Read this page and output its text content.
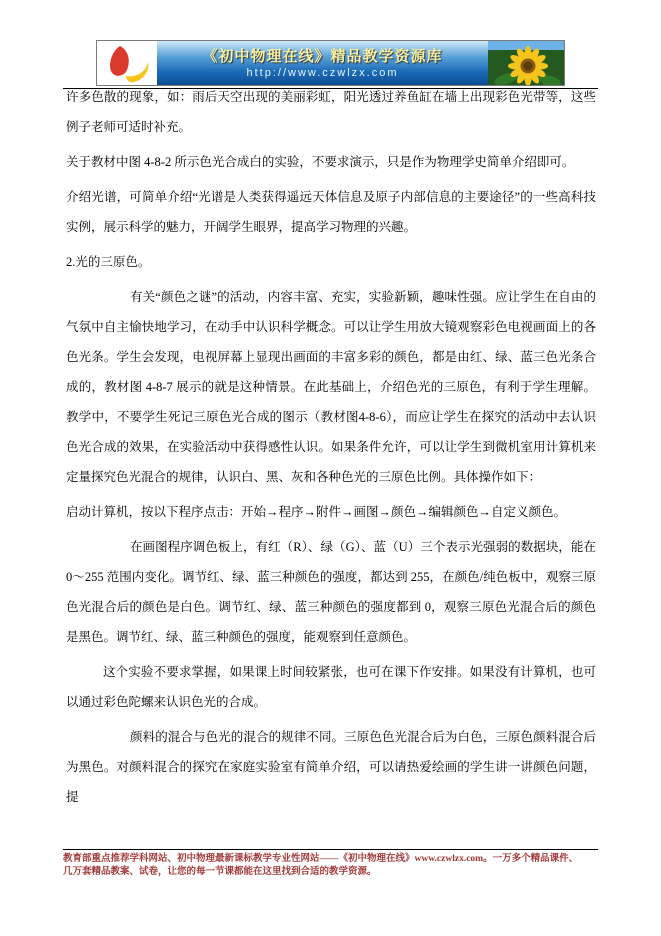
《初中物理在线》精品教学资源库
http://www.czwlzx.com

许多色散的现象，如：雨后天空出现的美丽彩虹，阳光透过养鱼缸在墙上出现彩色光带等，这些例子老师可适时补充。

关于教材中图 4-8-2 所示色光合成白的实验，不要求演示，只是作为物理学史简单介绍即可。

介绍光谱，可简单介绍“光谱是人类获得遥远天体信息及原子内部信息的主要途径”的一些高科技实例，展示科学的魅力，开阔学生眼界，提高学习物理的兴趣。

2.光的三原色。

有关“颜色之谜”的活动，内容丰富、充实，实验新颖，趣味性强。应让学生在自由的气氛中自主愉快地学习，在动手中认识科学概念。可以让学生用放大镜观察彩色电视画面上的各色光条。学生会发现，电视屏幕上显现出画面的丰富多彩的颜色，都是由红、绿、蓝三色光条合成的，教材图 4-8-7 展示的就是这种情景。在此基础上，介绍色光的三原色，有利于学生理解。教学中，不要学生死记三原色光合成的图示（教材图4-8-6），而应让学生在探究的活动中去认识色光合成的效果，在实验活动中获得感性认识。如果条件允许，可以让学生到微机室用计算机来定量探究色光混合的规律，认识白、黑、灰和各种色光的三原色比例。具体操作如下：

启动计算机，按以下程序点击：开始→程序→附件→画图→颜色→编辑颜色→自定义颜色。

在画图程序调色板上，有红（R）、绿（G）、蓝（U）三个表示光强弱的数据块，能在 0～255 范围内变化。调节红、绿、蓝三种颜色的强度，都达到 255，在颜色/纯色板中，观察三原色光混合后的颜色是白色。调节红、绿、蓝三种颜色的强度都到 0，观察三原色光混合后的颜色是黑色。调节红、绿、蓝三种颜色的强度，能观察到任意颜色。

这个实验不要求掌握，如果课上时间较紧张，也可在课下作安排。如果没有计算机，也可以通过彩色陀螺来认识色光的合成。

颜料的混合与色光的混合的规律不同。三原色色光混合后为白色，三原色颜料混合后为黑色。对颜料混合的探究在家庭实验室有简单介绍，可以请热爱绘画的学生讲一讲颜色问题，提

教育部重点推荐学科网站、初中物理最新课标教学专业性网站——《初中物理在线》www.czwlzx.com。一万多个精品课件、
几万套精品教案、试卷，让您的每一节课都能在这里找到合适的教学资源。
